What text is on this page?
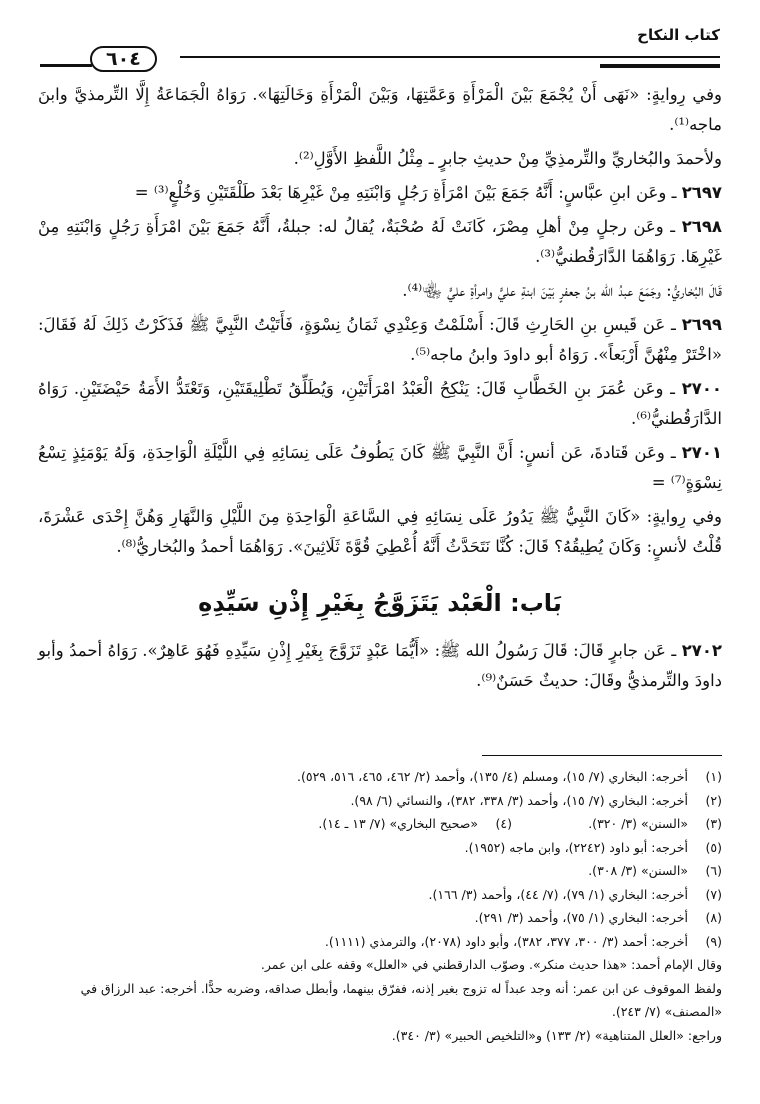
كتاب النكاح
٦٠٤

وفي رِوايةٍ: «نَهَى أَنْ يُجْمَعَ بَيْنَ الْمَرْأَةِ وَعَمَّتِهَا، وَبَيْنَ الْمَرْأَةِ وَخَالَتِهَا». رَوَاهُ الْجَمَاعَةُ إِلَّا التِّرمذيَّ وابنَ ماجه⁽¹⁾.

ولأحمدَ والبُخاريِّ والتِّرمذِيِّ مِنْ حديثِ جابرٍ ـ مِثْلُ اللَّفظِ الأَوَّلِ⁽²⁾.

٢٦٩٧ ـ وعَن ابنِ عبَّاسٍ: أَنَّهُ جَمَعَ بَيْنَ امْرَأَةِ رَجُلٍ وَابْنَتِهِ مِنْ غَيْرِهَا بَعْدَ طَلْقَتَيْنِ وَخُلْعٍ⁽³⁾ =

٢٦٩٨ ـ وعَن رجلٍ مِنْ أهلِ مِصْرَ، كَانَتْ لَهُ صُحْبَةٌ، يُقالُ له: جبلةُ، أَنَّهُ جَمَعَ بَيْنَ امْرَأَةِ رَجُلٍ وَابْنَتِهِ مِنْ غَيْرِهَا. رَوَاهُمَا الدَّارَقُطنيُّ⁽³⁾.

قَالَ البُخاريُّ: وجَمَعَ عبدُ الله بنُ جعفرٍ بَيْنَ ابنةِ عليٍّ وامرأةِ عليٍّ ﵄⁽⁴⁾.

٢٦٩٩ ـ عَن قَيسِ بنِ الحَارِثِ قَالَ: أَسْلَمْتُ وَعِنْدِي ثَمَانُ نِسْوَةٍ، فَأَتَيْتُ النَّبِيَّ ﷺ فَذَكَرْتُ ذَلِكَ لَهُ فَقَالَ: «اخْتَرْ مِنْهُنَّ أَرْبَعاً». رَوَاهُ أبو داودَ وابنُ ماجه⁽⁵⁾.

٢٧٠٠ ـ وعَن عُمَرَ بنِ الخَطَّابِ قَالَ: يَنْكِحُ الْعَبْدُ امْرَأَتَيْنِ، وَيُطَلِّقُ تَطْلِيقَتَيْنِ، وَتَعْتَدُّ الأَمَةُ حَيْضَتَيْنِ. رَوَاهُ الدَّارَقُطنيُّ⁽⁶⁾.

٢٧٠١ ـ وعَن قَتادةَ، عَن أنسٍ: أَنَّ النَّبِيَّ ﷺ كَانَ يَطُوفُ عَلَى نِسَائِهِ فِي اللَّيْلَةِ الْوَاحِدَةِ، وَلَهُ يَوْمَئِذٍ تِسْعُ نِسْوَةٍ⁽⁷⁾ =

وفي رِوايةٍ: «كَانَ النَّبِيُّ ﷺ يَدُورُ عَلَى نِسَائِهِ فِي السَّاعَةِ الْوَاحِدَةِ مِنَ اللَّيْلِ وَالنَّهَارِ وَهُنَّ إِحْدَى عَشْرَةَ، قُلْتُ لأنسٍ: وَكَانَ يُطِيقُهُ؟ قَالَ: كُنَّا نَتَحَدَّثُ أَنَّهُ أُعْطِيَ قُوَّةَ ثَلَاثِينَ». رَوَاهُمَا أحمدُ والبُخاريُّ⁽⁸⁾.

بَاب: الْعَبْد يَتَزَوَّجُ بِغَيْرِ إِذْنِ سَيِّدِهِ

٢٧٠٢ ـ عَن جابرٍ قَالَ: قَالَ رَسُولُ الله ﷺ: «أَيُّمَا عَبْدٍ تَزَوَّجَ بِغَيْرِ إِذْنِ سَيِّدِهِ فَهُوَ عَاهِرٌ». رَوَاهُ أحمدُ وأبو داودَ والتِّرمذيُّ وقَالَ: حديثٌ حَسَنٌ⁽⁹⁾.

(١)
أخرجه: البخاري (٧/ ١٥)، ومسلم (٤/ ١٣٥)، وأحمد (٢/ ٤٦٢، ٤٦٥، ٥١٦، ٥٢٩).
(٢)
أخرجه: البخاري (٧/ ١٥)، وأحمد (٣/ ٣٣٨، ٣٨٢)، والنسائي (٦/ ٩٨).
(٣)
«السنن» (٣/ ٣٢٠).
(٤)
«صحيح البخاري» (٧/ ١٣ ـ ١٤).
(٥)
أخرجه: أبو داود (٢٢٤٢)، وابن ماجه (١٩٥٢).
(٦)
«السنن» (٣/ ٣٠٨).
(٧)
أخرجه: البخاري (١/ ٧٩)، (٧/ ٤٤)، وأحمد (٣/ ١٦٦).
(٨)
أخرجه: البخاري (١/ ٧٥)، وأحمد (٣/ ٢٩١).
(٩)
أخرجه: أحمد (٣/ ٣٠٠، ٣٧٧، ٣٨٢)، وأبو داود (٢٠٧٨)، والترمذي (١١١١).
وقال الإمام أحمد: «هذا حديث منكر». وصوّب الدارقطني في «العلل» وقفه على ابن عمر.
ولفظ الموقوف عن ابن عمر: أنه وجد عبداً له تزوج بغير إذنه، ففرّق بينهما، وأبطل صداقه، وضربه حدًّا. أخرجه: عبد الرزاق في «المصنف» (٧/ ٢٤٣).
وراجع: «العلل المتناهية» (٢/ ١٣٣) و«التلخيص الحبير» (٣/ ٣٤٠).
